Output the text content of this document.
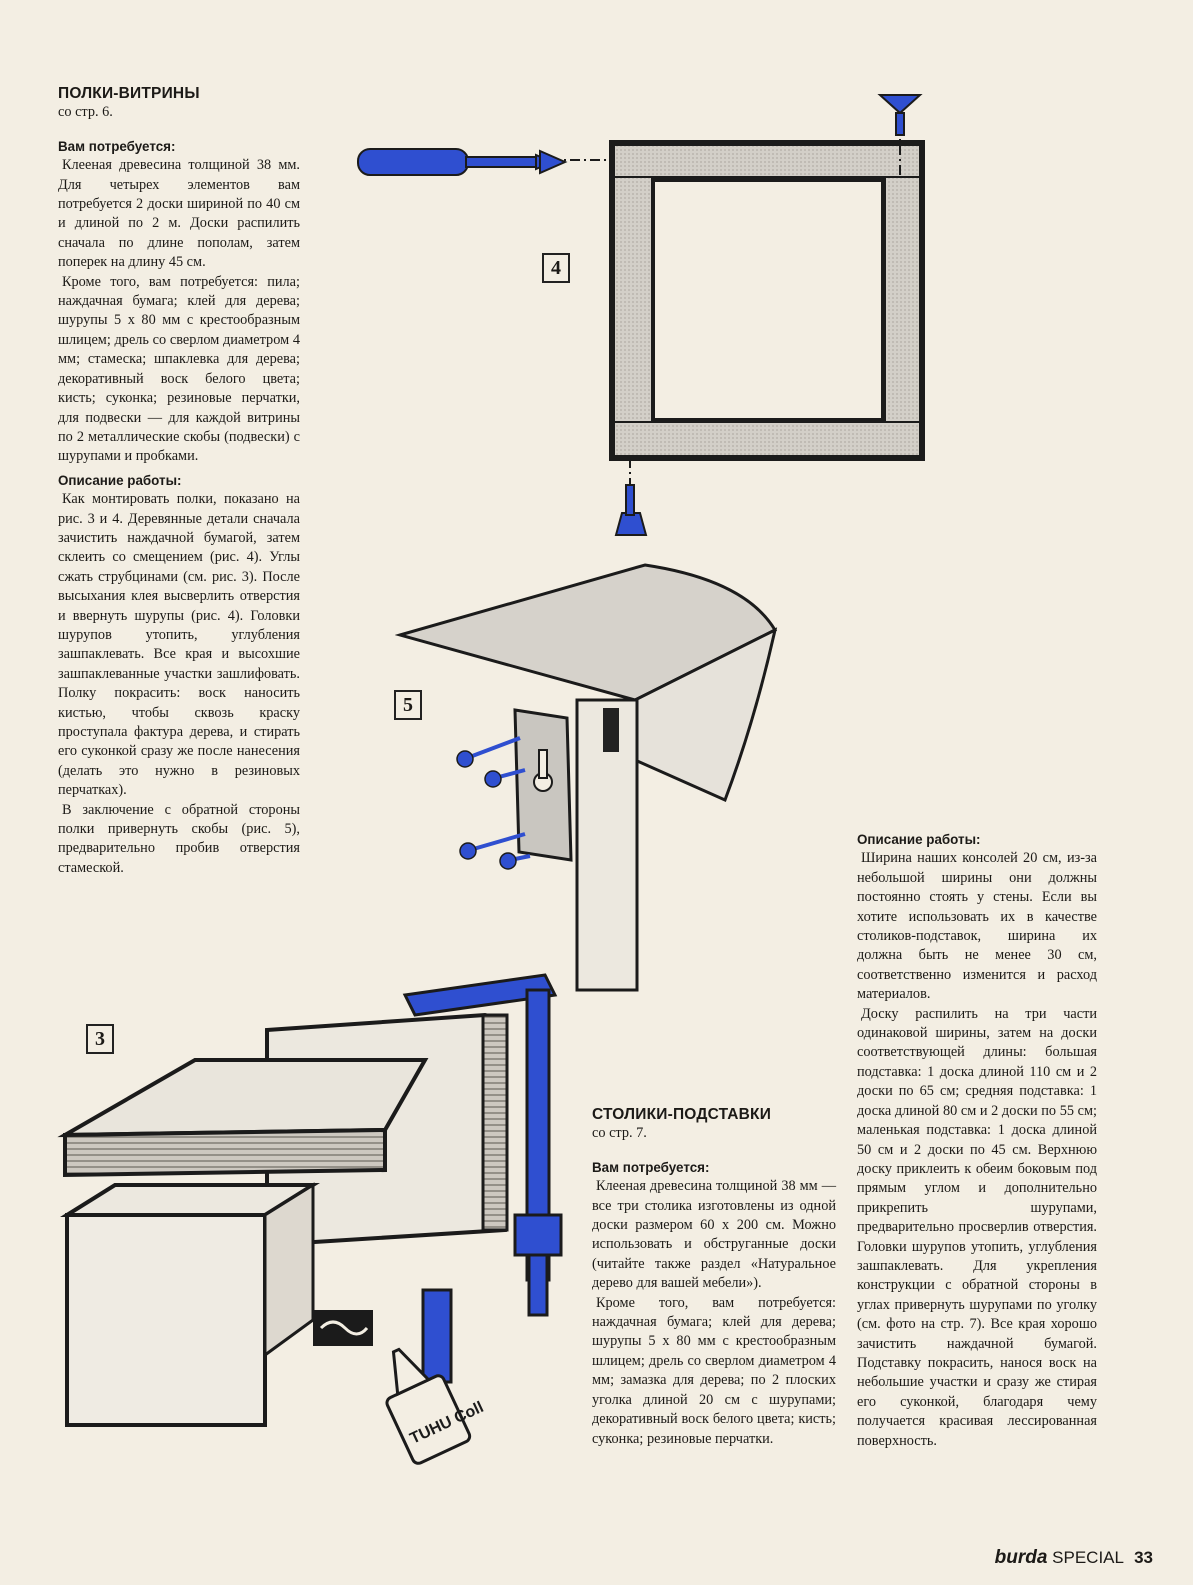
ПОЛКИ-ВИТРИНЫ
со стр. 6.
Вам потребуется:

Клееная древесина толщиной 38 мм. Для четырех элементов вам потребуется 2 доски шириной по 40 см и длиной по 2 м. Доски распилить сначала по длине пополам, затем поперек на длину 45 см.

Кроме того, вам потребуется: пила; наждачная бумага; клей для дерева; шурупы 5 х 80 мм с крестообразным шлицем; дрель со сверлом диаметром 4 мм; стамеска; шпаклевка для дерева; декоративный воск белого цвета; кисть; суконка; резиновые перчатки, для подвески — для каждой витрины по 2 металлические скобы (подвески) с шурупами и пробками.

Описание работы:

Как монтировать полки, показано на рис. 3 и 4. Деревянные детали сначала зачистить наждачной бумагой, затем склеить со смещением (рис. 4). Углы сжать струбцинами (см. рис. 3). После высыхания клея высверлить отверстия и ввернуть шурупы (рис. 4). Головки шурупов утопить, углубления зашпаклевать. Все края и высохшие зашпаклеванные участки зашлифовать. Полку покрасить: воск наносить кистью, чтобы сквозь краску проступала фактура дерева, и стирать его суконкой сразу же после нанесения (делать это нужно в резиновых перчатках).

В заключение с обратной стороны полки привернуть скобы (рис. 5), предварительно пробив отверстия стамеской.

4
5
TUHU Coll
3
СТОЛИКИ-ПОДСТАВКИ
со стр. 7.
Вам потребуется:

Клееная древесина толщиной 38 мм — все три столика изготовлены из одной доски размером 60 х 200 см. Можно использовать и обструганные доски (читайте также раздел «Натуральное дерево для вашей мебели»).

Кроме того, вам потребуется: наждачная бумага; клей для дерева; шурупы 5 х 80 мм с крестообразным шлицем; дрель со сверлом диаметром 4 мм; замазка для дерева; по 2 плоских уголка длиной 20 см с шурупами; декоративный воск белого цвета; кисть; суконка; резиновые перчатки.

Описание работы:

Ширина наших консолей 20 см, из-за небольшой ширины они должны постоянно стоять у стены. Если вы хотите использовать их в качестве столиков-подставок, ширина их должна быть не менее 30 см, соответственно изменится и расход материалов.

Доску распилить на три части одинаковой ширины, затем на доски соответствующей длины: большая подставка: 1 доска длиной 110 см и 2 доски по 65 см; средняя подставка: 1 доска длиной 80 см и 2 доски по 55 см; маленькая подставка: 1 доска длиной 50 см и 2 доски по 45 см. Верхнюю доску приклеить к обеим боковым под прямым углом и дополнительно прикрепить шурупами, предварительно просверлив отверстия. Головки шурупов утопить, углубления зашпаклевать. Для укрепления конструкции с обратной стороны в углах привернуть шурупами по уголку (см. фото на стр. 7). Все края хорошо зачистить наждачной бумагой. Подставку покрасить, нанося воск на небольшие участки и сразу же стирая его суконкой, благодаря чему получается красивая лессированная поверхность.

burda SPECIAL 33
